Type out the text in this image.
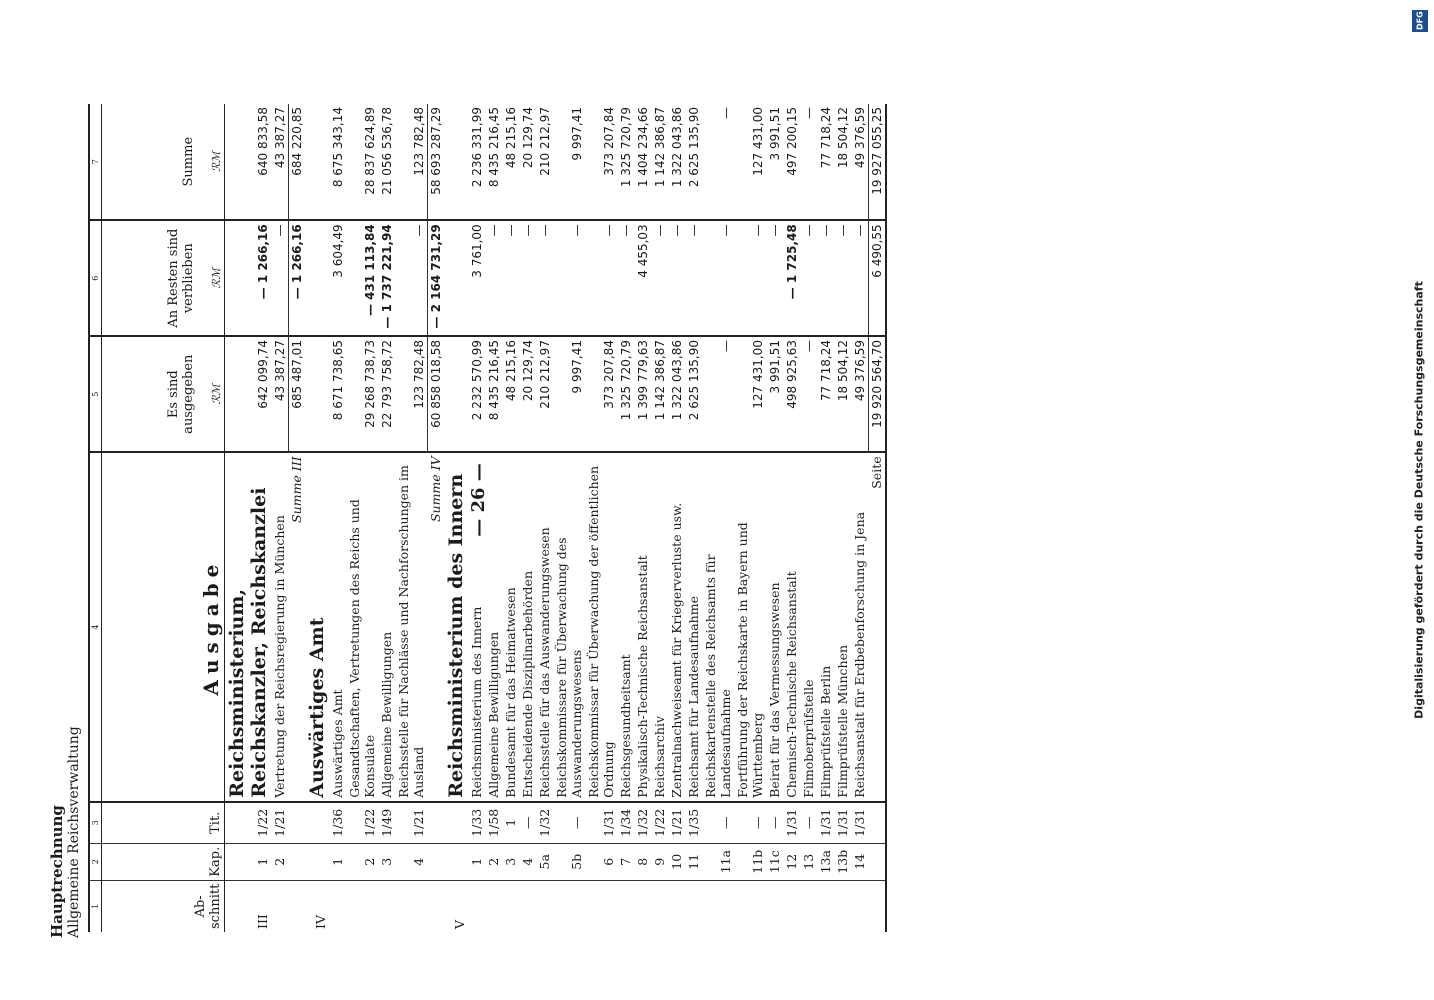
— 26 —
Hauptrechnung Allgemeine Reichsverwaltung 1	2	3	4	5	6	7
Ab-schnitt	Kap.	Tit.	Ausgabe	Es sind ausgegeben ℛℳ	An Resten sind verblieben ℛℳ	Summe ℛℳ

III	1	1/22	Reichsministerium, Reichskanzler, Reichskanzlei	642 099,74	— 1 266,16	640 833,58
	2	1/21	Vertretung der Reichsregierung in München	43 387,27	—	43 387,27
			Summe III	685 487,01	— 1 266,16	684 220,85
IV			Auswärtiges Amt			
	1	1/36	Auswärtiges Amt	8 671 738,65	3 604,49	8 675 343,14
	2	1/22	Gesandtschaften, Vertretungen des Reichs und Konsulate	29 268 738,73	— 431 113,84	28 837 624,89
	3	1/49	Allgemeine Bewilligungen	22 793 758,72	— 1 737 221,94	21 056 536,78
	4	1/21	Reichsstelle für Nachlässe und Nachforschungen im Ausland	123 782,48	—	123 782,48
			Summe IV	60 858 018,58	— 2 164 731,29	58 693 287,29
V			Reichsministerium des Innern			
	1	1/33	Reichsministerium des Innern	2 232 570,99	3 761,00	2 236 331,99
	2	1/58	Allgemeine Bewilligungen	8 435 216,45	—	8 435 216,45
	3	1	Bundesamt für das Heimatwesen	48 215,16	—	48 215,16
	4	—	Entscheidende Disziplinarbehörden	20 129,74	—	20 129,74
	5a	1/32	Reichsstelle für das Auswanderungswesen	210 212,97	—	210 212,97
	5b	—	Reichskommissare für Überwachung des Auswanderungswesens	9 997,41	—	9 997,41
	6	1/31	Reichskommissar für Überwachung der öffentlichen Ordnung	373 207,84	—	373 207,84
	7	1/34	Reichsgesundheitsamt	1 325 720,79	—	1 325 720,79
	8	1/32	Physikalisch-Technische Reichsanstalt	1 399 779,63	4 455,03	1 404 234,66
	9	1/22	Reichsarchiv	1 142 386,87	—	1 142 386,87
	10	1/21	Zentralnachweiseamt für Kriegerverluste usw.	1 322 043,86	—	1 322 043,86
	11	1/35	Reichsamt für Landesaufnahme	2 625 135,90	—	2 625 135,90
	11a	—	Reichskartenstelle des Reichsamts für Landesaufnahme	—	—	—
	11b	—	Fortführung der Reichskarte in Bayern und Württemberg	127 431,00	—	127 431,00
	11c	—	Beirat für das Vermessungswesen	3 991,51	—	3 991,51
	12	1/31	Chemisch-Technische Reichsanstalt	498 925,63	— 1 725,48	497 200,15
	13	—	Filmoberprüfstelle	—	—	—
	13a	1/31	Filmprüfstelle Berlin	77 718,24	—	77 718,24
	13b	1/31	Filmprüfstelle München	18 504,12	—	18 504,12
	14	1/31	Reichsanstalt für Erdbebenforschung in Jena	49 376,59	—	49 376,59
			Seite	19 920 564,70	6 490,55	19 927 055,25
Digitalisierung gefördert durch die Deutsche Forschungsgemeinschaft
DFG
